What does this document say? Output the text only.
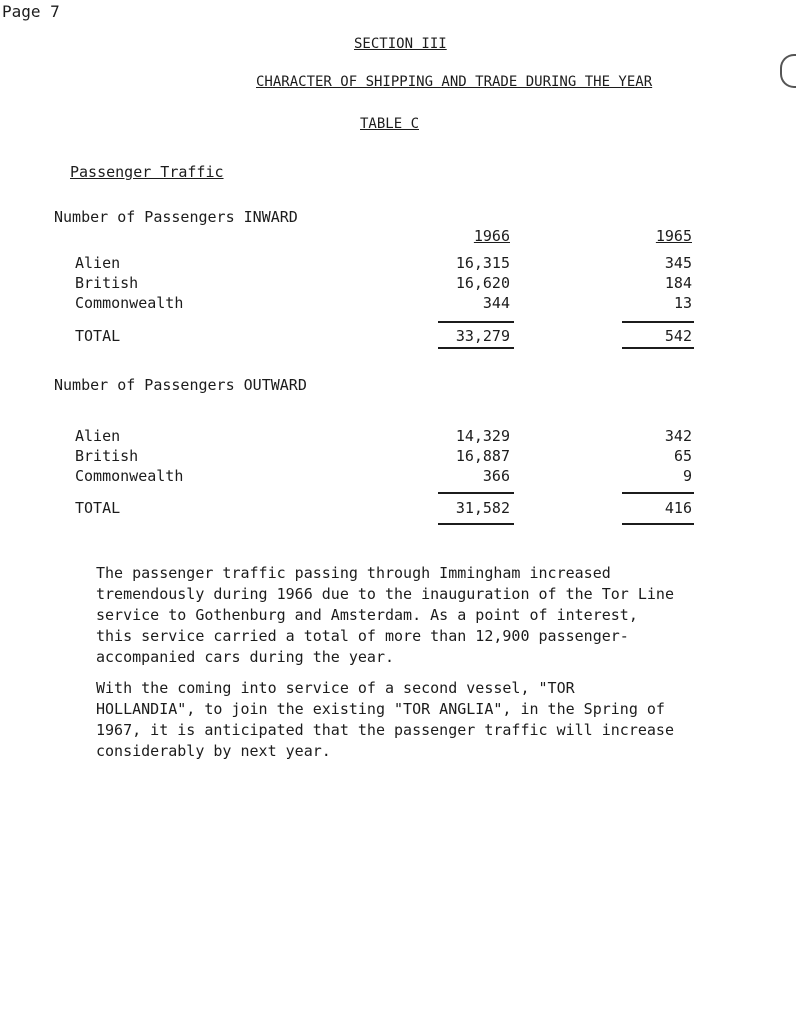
Page 7
SECTION III
CHARACTER OF SHIPPING AND TRADE DURING THE YEAR
TABLE C
Passenger Traffic
Number of Passengers INWARD
1966	1965
Alien	16,315	345
British	16,620	184
Commonwealth	344	13
TOTAL	33,279	542
Number of Passengers OUTWARD
Alien	14,329	342
British	16,887	65
Commonwealth	366	9
TOTAL	31,582	416
The passenger traffic passing through Immingham increased
tremendously during 1966 due to the inauguration of the Tor Line
service to Gothenburg and Amsterdam. As a point of interest,
this service carried a total of more than 12,900 passenger-
accompanied cars during the year.
With the coming into service of a second vessel, "TOR
HOLLANDIA", to join the existing "TOR ANGLIA", in the Spring of
1967, it is anticipated that the passenger traffic will increase
considerably by next year.
